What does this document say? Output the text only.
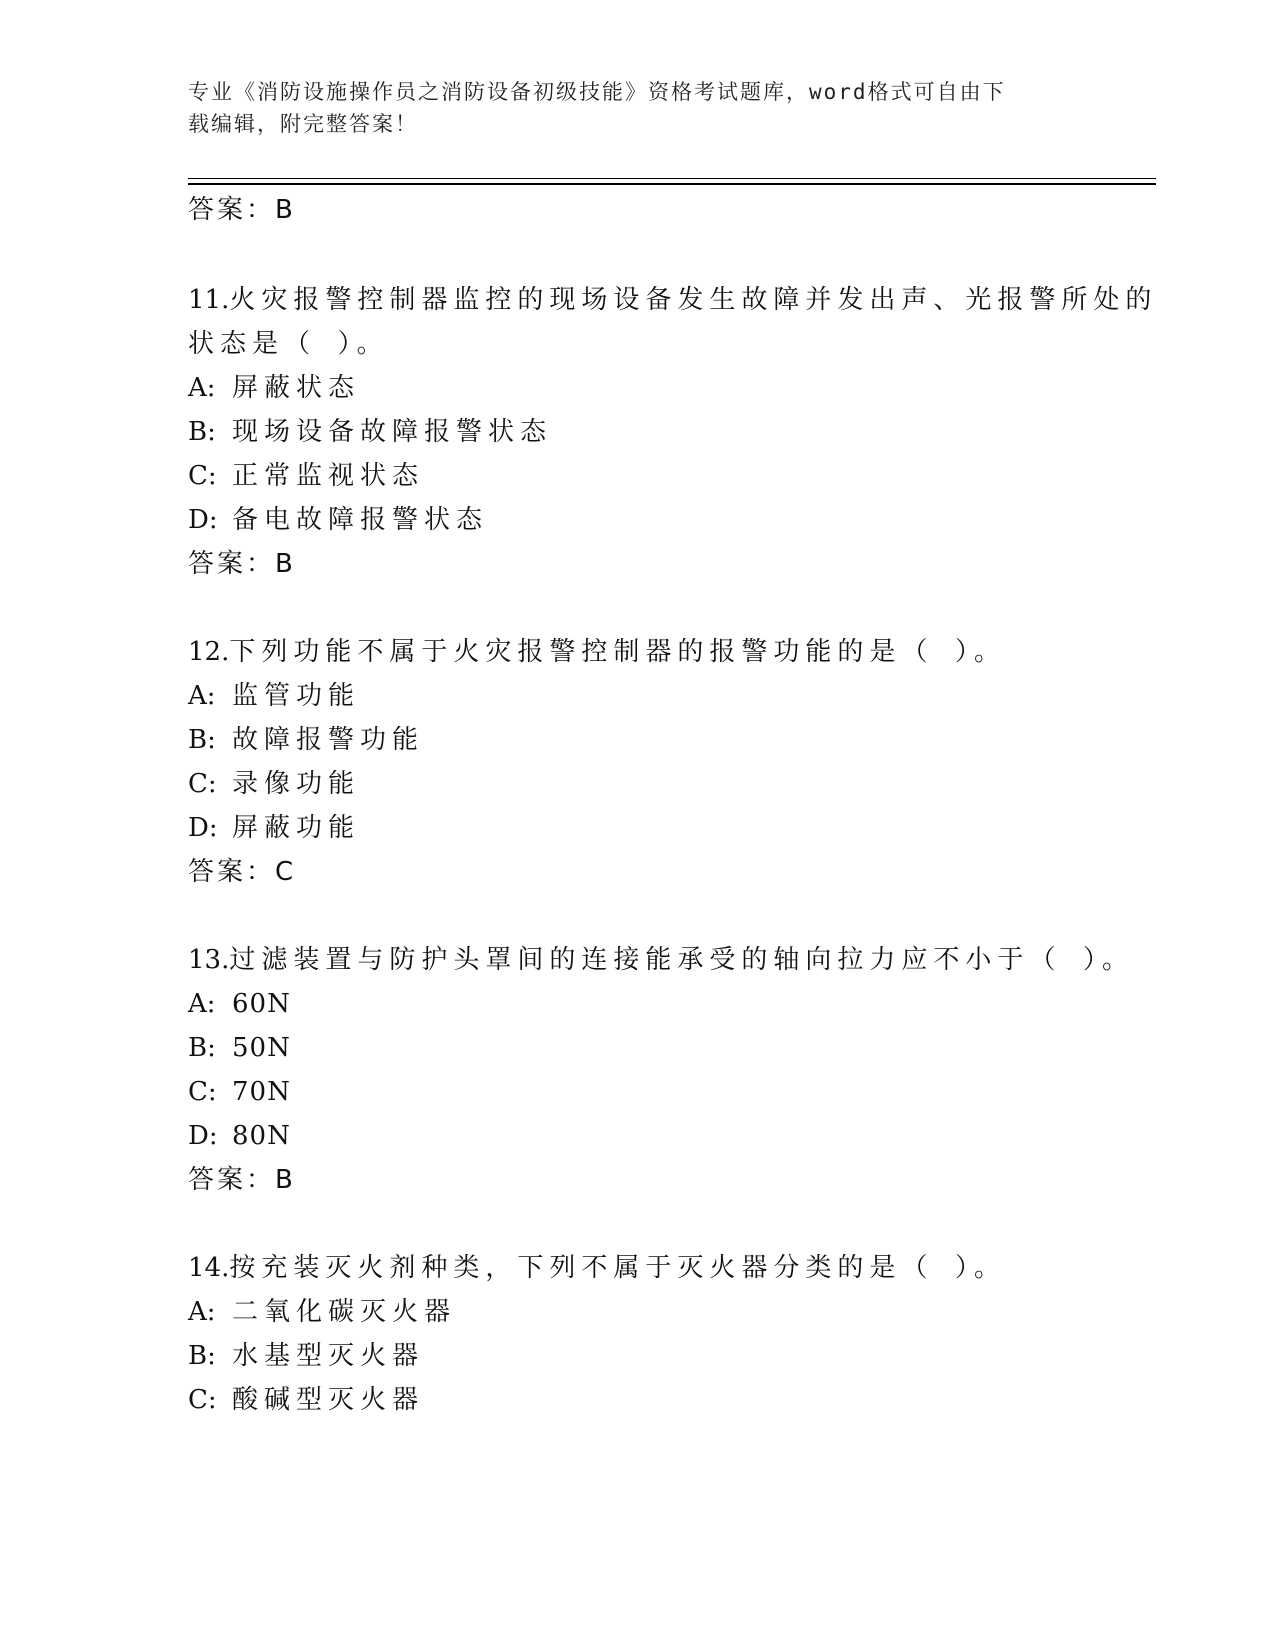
专业《消防设施操作员之消防设备初级技能》资格考试题库，word格式可自由下
载编辑，附完整答案！
答案：B
11.火灾报警控制器监控的现场设备发生故障并发出声、光报警所处的
状态是（ ）。
A: 屏蔽状态
B: 现场设备故障报警状态
C: 正常监视状态
D: 备电故障报警状态
答案：B
12.下列功能不属于火灾报警控制器的报警功能的是（ ）。
A: 监管功能
B: 故障报警功能
C: 录像功能
D: 屏蔽功能
答案：C
13.过滤装置与防护头罩间的连接能承受的轴向拉力应不小于（ ）。
A: 60N
B: 50N
C: 70N
D: 80N
答案：B
14.按充装灭火剂种类，下列不属于灭火器分类的是（ ）。
A: 二氧化碳灭火器
B: 水基型灭火器
C: 酸碱型灭火器
